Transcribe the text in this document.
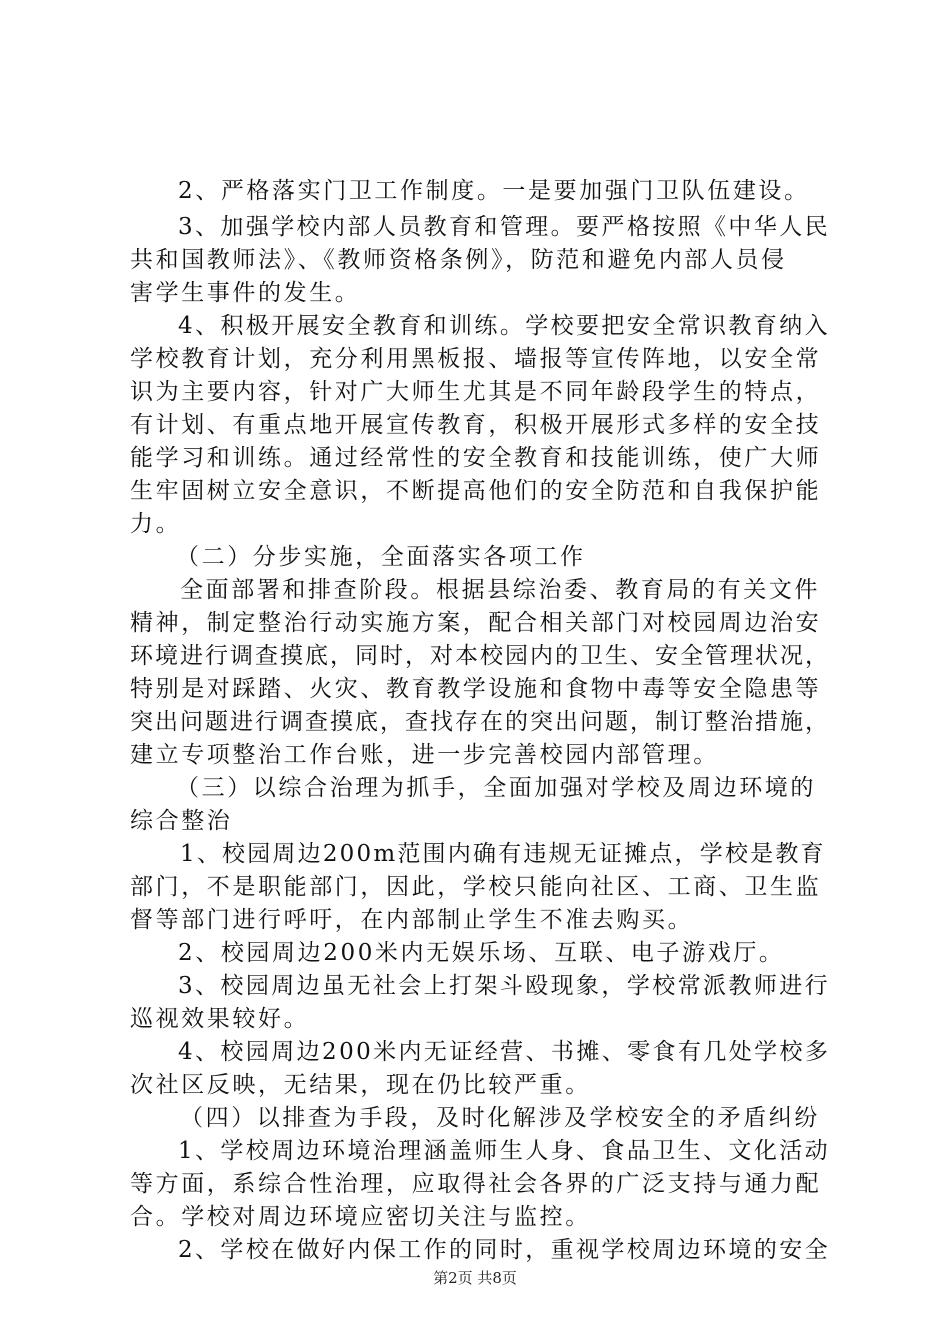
2、严格落实门卫工作制度。一是要加强门卫队伍建设。
3、加强学校内部人员教育和管理。要严格按照《中华人民
共和国教师法》、《教师资格条例》，防范和避免内部人员侵
害学生事件的发生。
4、积极开展安全教育和训练。学校要把安全常识教育纳入
学校教育计划，充分利用黑板报、墙报等宣传阵地，以安全常
识为主要内容，针对广大师生尤其是不同年龄段学生的特点，
有计划、有重点地开展宣传教育，积极开展形式多样的安全技
能学习和训练。通过经常性的安全教育和技能训练，使广大师
生牢固树立安全意识，不断提高他们的安全防范和自我保护能
力。
（二）分步实施，全面落实各项工作
全面部署和排查阶段。根据县综治委、教育局的有关文件
精神，制定整治行动实施方案，配合相关部门对校园周边治安
环境进行调查摸底，同时，对本校园内的卫生、安全管理状况，
特别是对踩踏、火灾、教育教学设施和食物中毒等安全隐患等
突出问题进行调查摸底，查找存在的突出问题，制订整治措施，
建立专项整治工作台账，进一步完善校园内部管理。
（三）以综合治理为抓手，全面加强对学校及周边环境的
综合整治
1、校园周边200m范围内确有违规无证摊点，学校是教育
部门，不是职能部门，因此，学校只能向社区、工商、卫生监
督等部门进行呼吁，在内部制止学生不准去购买。
2、校园周边200米内无娱乐场、互联、电子游戏厅。
3、校园周边虽无社会上打架斗殴现象，学校常派教师进行
巡视效果较好。
4、校园周边200米内无证经营、书摊、零食有几处学校多
次社区反映，无结果，现在仍比较严重。
（四）以排查为手段，及时化解涉及学校安全的矛盾纠纷
1、学校周边环境治理涵盖师生人身、食品卫生、文化活动
等方面，系综合性治理，应取得社会各界的广泛支持与通力配
合。学校对周边环境应密切关注与监控。
2、学校在做好内保工作的同时，重视学校周边环境的安全
第2页 共8页
